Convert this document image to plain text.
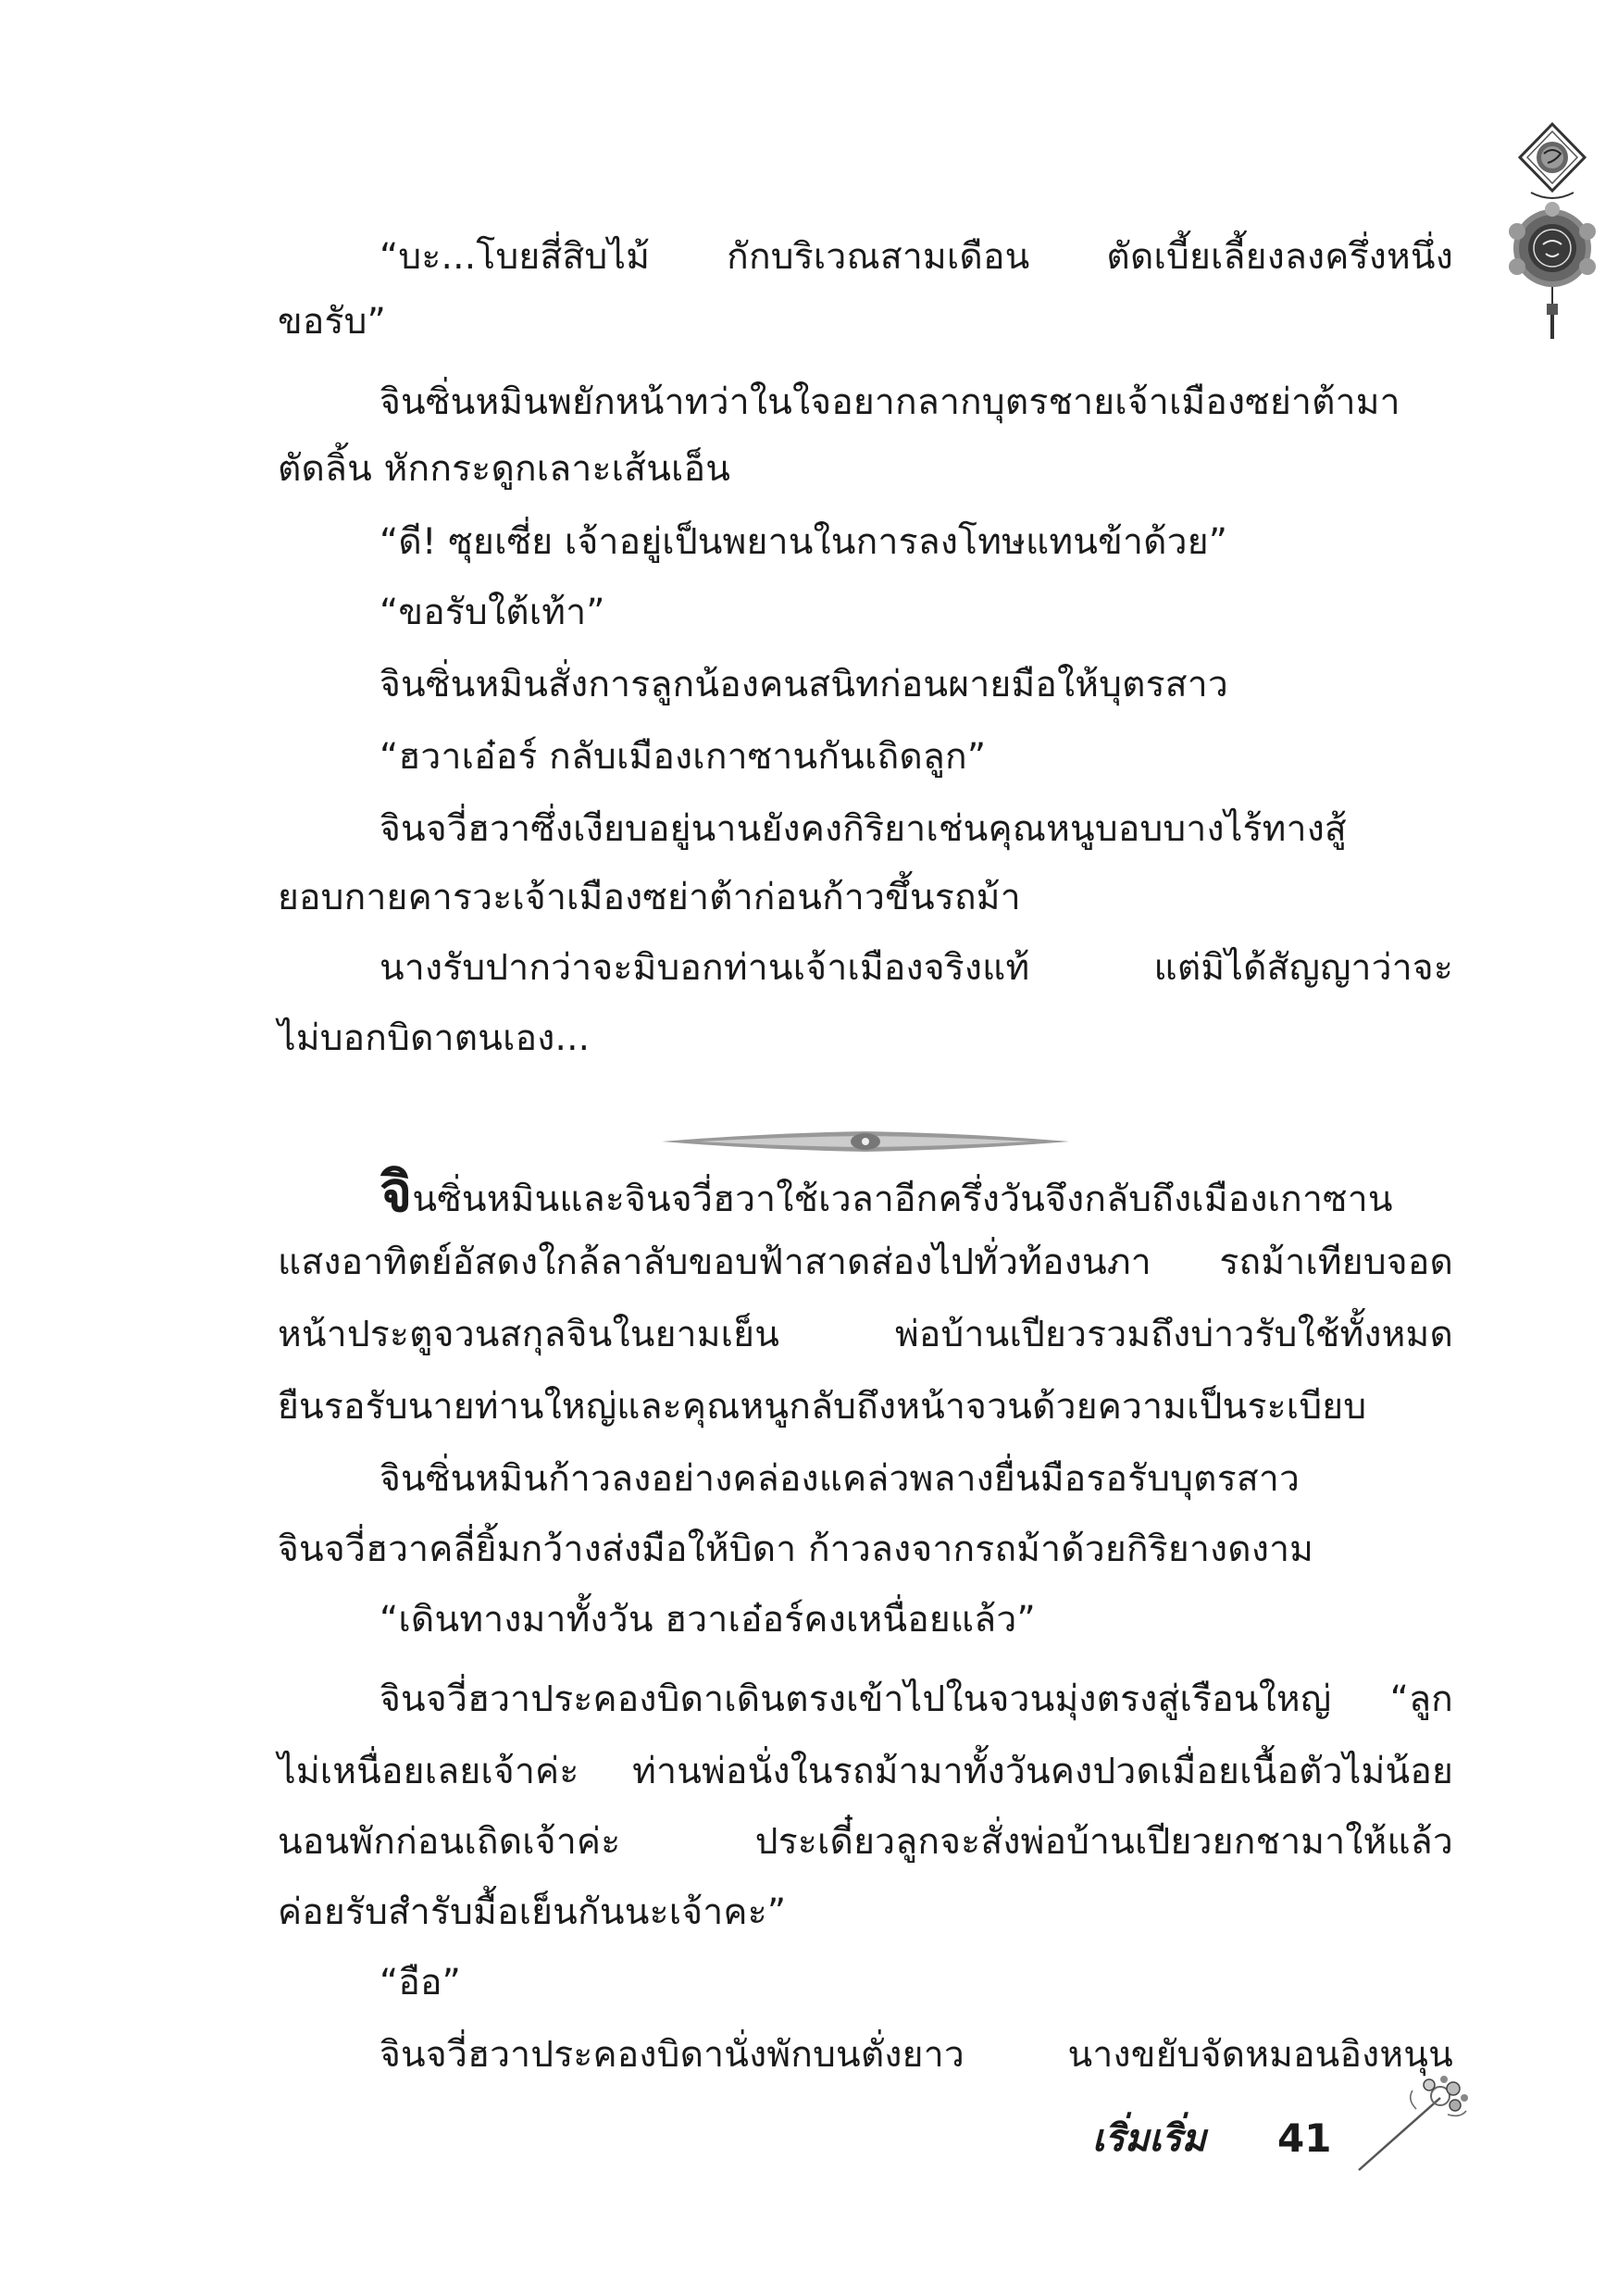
“บะ...โบยสี่สิบไม้ กักบริเวณสามเดือน ตัดเบี้ยเลี้ยงลงครึ่งหนึ่ง
ขอรับ”
จินซิ่นหมินพยักหน้าทว่าในใจอยากลากบุตรชายเจ้าเมืองซย่าต้ามา
ตัดลิ้น หักกระดูกเลาะเส้นเอ็น
“ดี! ซุยเซี่ย เจ้าอยู่เป็นพยานในการลงโทษแทนข้าด้วย”
“ขอรับใต้เท้า”
จินซิ่นหมินสั่งการลูกน้องคนสนิทก่อนผายมือให้บุตรสาว
“ฮวาเอ๋อร์ กลับเมืองเกาซานกันเถิดลูก”
จินจวี่ฮวาซึ่งเงียบอยู่นานยังคงกิริยาเช่นคุณหนูบอบบางไร้ทางสู้
ยอบกายคารวะเจ้าเมืองซย่าต้าก่อนก้าวขึ้นรถม้า
นางรับปากว่าจะมิบอกท่านเจ้าเมืองจริงแท้ แต่มิได้สัญญาว่าจะ
ไม่บอกบิดาตนเอง...
จินซิ่นหมินและจินจวี่ฮวาใช้เวลาอีกครึ่งวันจึงกลับถึงเมืองเกาซาน
แสงอาทิตย์อัสดงใกล้ลาลับขอบฟ้าสาดส่องไปทั่วท้องนภา รถม้าเทียบจอด
หน้าประตูจวนสกุลจินในยามเย็น พ่อบ้านเปียวรวมถึงบ่าวรับใช้ทั้งหมด
ยืนรอรับนายท่านใหญ่และคุณหนูกลับถึงหน้าจวนด้วยความเป็นระเบียบ
จินซิ่นหมินก้าวลงอย่างคล่องแคล่วพลางยื่นมือรอรับบุตรสาว
จินจวี่ฮวาคลี่ยิ้มกว้างส่งมือให้บิดา ก้าวลงจากรถม้าด้วยกิริยางดงาม
“เดินทางมาทั้งวัน ฮวาเอ๋อร์คงเหนื่อยแล้ว”
จินจวี่ฮวาประคองบิดาเดินตรงเข้าไปในจวนมุ่งตรงสู่เรือนใหญ่ “ลูก
ไม่เหนื่อยเลยเจ้าค่ะ ท่านพ่อนั่งในรถม้ามาทั้งวันคงปวดเมื่อยเนื้อตัวไม่น้อย
นอนพักก่อนเถิดเจ้าค่ะ ประเดี๋ยวลูกจะสั่งพ่อบ้านเปียวยกชามาให้แล้ว
ค่อยรับสำรับมื้อเย็นกันนะเจ้าคะ”
“อือ”
จินจวี่ฮวาประคองบิดานั่งพักบนตั่งยาว นางขยับจัดหมอนอิงหนุน
เริ่มเริ่ม 41
